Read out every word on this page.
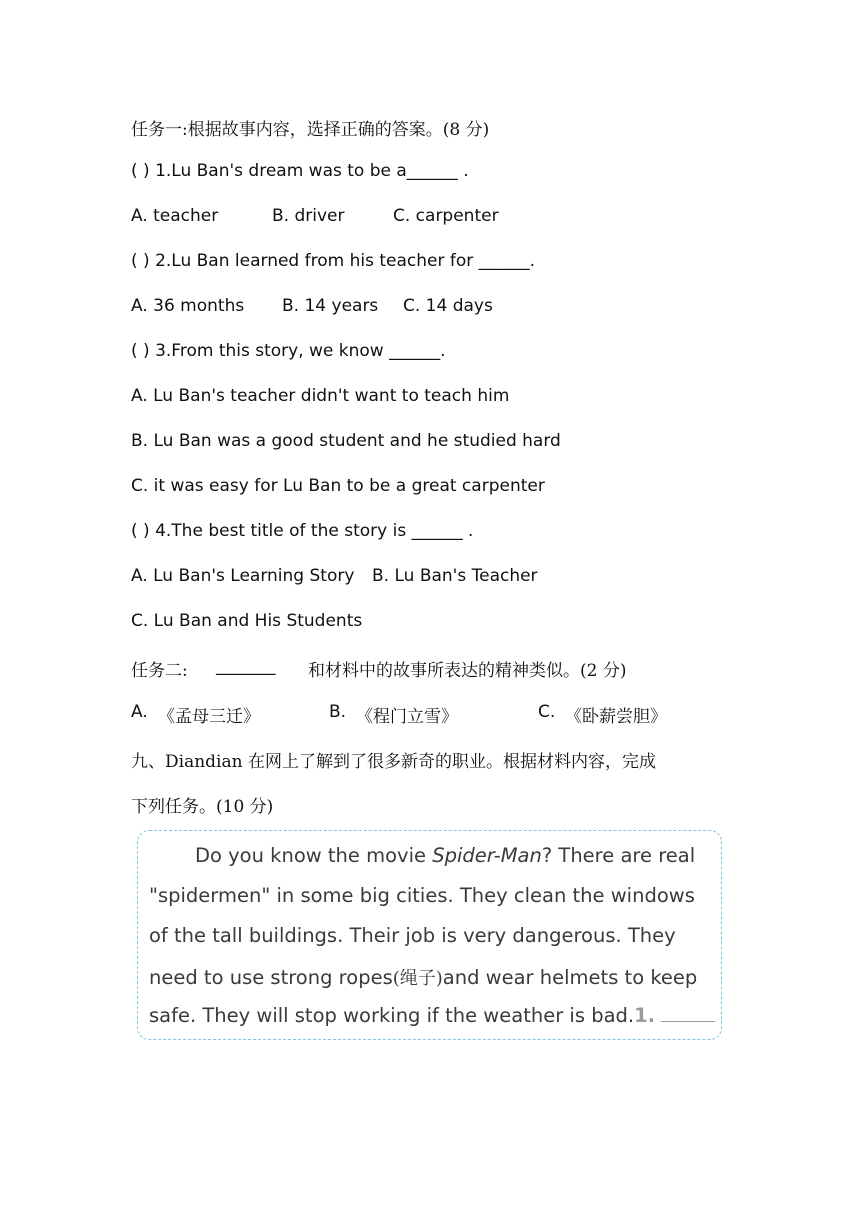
任务一:根据故事内容，选择正确的答案。(8 分)
( ) 1.Lu Ban's dream was to be a______ .
A. teacher	B. driver	C. carpenter
( ) 2.Lu Ban learned from his teacher for ______.
A. 36 months B. 14 years C. 14 days
( ) 3.From this story, we know ______.
A. Lu Ban's teacher didn't want to teach him
B. Lu Ban was a good student and he studied hard
C. it was easy for Lu Ban to be a great carpenter
( ) 4.The best title of the story is ______ .
A. Lu Ban's Learning Story B. Lu Ban's Teacher
C. Lu Ban and His Students
任务二: _______ 和材料中的故事所表达的精神类似。(2 分)
A. 《孟母三迁》	B. 《程门立雪》	C. 《卧薪尝胆》
九、Diandian 在网上了解到了很多新奇的职业。根据材料内容，完成
下列任务。(10 分)
Do you know the movie Spider-Man? There are real
"spidermen" in some big cities. They clean the windows
of the tall buildings. Their job is very dangerous. They
need to use strong ropes(绳子)and wear helmets to keep
safe. They will stop working if the weather is bad.1.
